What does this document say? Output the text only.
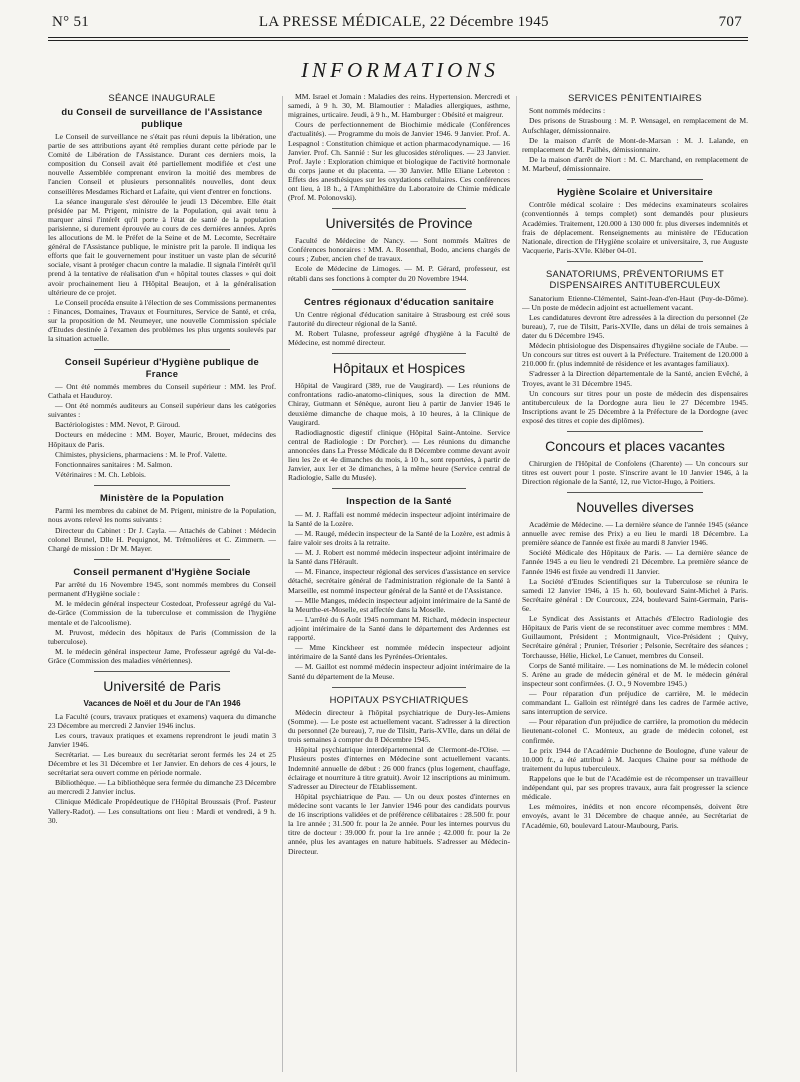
N° 51	LA PRESSE MÉDICALE, 22 Décembre 1945	707
INFORMATIONS
SÉANCE INAUGURALE
du Conseil de surveillance de l'Assistance publique

Le Conseil de surveillance ne s'était pas réuni depuis la libération, une partie de ses attributions ayant été remplies durant cette période par le Comité de Libération de l'Assistance. Durant ces derniers mois, la composition du Conseil avait été partiellement modifiée et c'est une nouvelle Assemblée comprenant environ la moitié des membres de l'ancien Conseil et plusieurs personnalités nouvelles, dont deux conseillères Mesdames Richard et Lafaite, qui vient d'entrer en fonctions.

La séance inaugurale s'est déroulée le jeudi 13 Décembre. Elle était présidée par M. Prigent, ministre de la Population, qui avait tenu à marquer ainsi l'intérêt qu'il porte à l'état de santé de la population parisienne, si durement éprouvée au cours de ces dernières années. Après les allocutions de M. le Préfet de la Seine et de M. Lecomte, Secrétaire général de l'Assistance publique, le ministre prit la parole. Il indiqua les efforts que fait le gouvernement pour instituer un vaste plan de sécurité sociale, visant à protéger chacun contre la maladie. Il signala l'intérêt qu'il prend à la tentative de réalisation d'un « hôpital toutes classes » qui doit avoir prochainement lieu à l'Hôpital Beaujon, et à la généralisation ultérieure de ce projet.

Le Conseil procéda ensuite à l'élection de ses Commissions permanentes : Finances, Domaines, Travaux et Fournitures, Service de Santé, et créa, sur la proposition de M. Neumeyer, une nouvelle Commission spéciale d'Etudes destinée à l'examen des problèmes les plus urgents soulevés par la situation actuelle.

Conseil Supérieur d'Hygiène publique de France

— Ont été nommés membres du Conseil supérieur : MM. les Prof. Cathala et Hauduroy.

— Ont été nommés auditeurs au Conseil supérieur dans les catégories suivantes :

Bactériologistes : MM. Nevot, P. Giroud.

Docteurs en médecine : MM. Boyer, Mauric, Brouet, médecins des Hôpitaux de Paris.

Chimistes, physiciens, pharmaciens : M. le Prof. Valette.

Fonctionnaires sanitaires : M. Salmon.

Vétérinaires : M. Ch. Leblois.

Ministère de la Population

Parmi les membres du cabinet de M. Prigent, ministre de la Population, nous avons relevé les noms suivants :

Directeur du Cabinet : Dr J. Cayla. — Attachés de Cabinet : Médecin colonel Brunel, Dlle H. Pequignot, M. Trémolières et C. Zimmern. — Chargé de mission : Dr M. Mayer.

Conseil permanent d'Hygiène Sociale

Par arrêté du 16 Novembre 1945, sont nommés membres du Conseil permanent d'Hygiène sociale :

M. le médecin général inspecteur Costedoat, Professeur agrégé du Val-de-Grâce (Commission de la tuberculose et commission de l'hygiène mentale et de l'alcoolisme).

M. Pruvost, médecin des hôpitaux de Paris (Commission de la tuberculose).

M. le médecin général inspecteur Jame, Professeur agrégé du Val-de-Grâce (Commission des maladies vénériennes).

Université de Paris
Vacances de Noël et du Jour de l'An 1946

La Faculté (cours, travaux pratiques et examens) vaquera du dimanche 23 Décembre au mercredi 2 Janvier 1946 inclus.

Les cours, travaux pratiques et examens reprendront le jeudi matin 3 Janvier 1946.

Secrétariat. — Les bureaux du secrétariat seront fermés les 24 et 25 Décembre et les 31 Décembre et 1er Janvier. En dehors de ces 4 jours, le secrétariat sera ouvert comme en période normale.

Bibliothèque. — La bibliothèque sera fermée du dimanche 23 Décembre au mercredi 2 Janvier inclus.

Clinique Médicale Propédeutique de l'Hôpital Broussais (Prof. Pasteur Vallery-Radot). — Les consultations ont lieu : Mardi et vendredi, à 9 h. 30.

MM. Israel et Jomain : Maladies des reins. Hypertension. Mercredi et samedi, à 9 h. 30, M. Blamoutier : Maladies allergiques, asthme, migraines, urticaire. Jeudi, à 9 h., M. Hamburger : Obésité et maigreur.

Cours de perfectionnement de Biochimie médicale (Conférences d'actualités). — Programme du mois de Janvier 1946. 9 Janvier. Prof. A. Lespagnol : Constitution chimique et action pharmacodynamique. — 16 Janvier. Prof. Ch. Sannié : Sur les glucosides stéroliques. — 23 Janvier. Prof. Jayle : Exploration chimique et biologique de l'activité hormonale du corps jaune et du placenta. — 30 Janvier. Mlle Eliane Lebreton : Effets des anesthésiques sur les oxydations cellulaires. Ces conférences ont lieu, à 18 h., à l'Amphithéâtre du Laboratoire de Chimie médicale (Prof. M. Polonovski).

Universités de Province

Faculté de Médecine de Nancy. — Sont nommés Maîtres de Conférences honoraires : MM. A. Rosenthal, Bodo, anciens chargés de cours ; Zuber, ancien chef de travaux.

Ecole de Médecine de Limoges. — M. P. Gérard, professeur, est rétabli dans ses fonctions à compter du 20 Novembre 1944.

Centres régionaux d'éducation sanitaire

Un Centre régional d'éducation sanitaire à Strasbourg est créé sous l'autorité du directeur régional de la Santé.

M. Robert Tulasne, professeur agrégé d'hygiène à la Faculté de Médecine, est nommé directeur.

Hôpitaux et Hospices

Hôpital de Vaugirard (389, rue de Vaugirard). — Les réunions de confrontations radio-anatomo-cliniques, sous la direction de MM. Chiray, Gutmann et Sénèque, auront lieu à partir de Janvier 1946 le deuxième dimanche de chaque mois, à 10 heures, à la Clinique de Vaugirard.

Radiodiagnostic digestif clinique (Hôpital Saint-Antoine. Service central de Radiologie : Dr Porcher). — Les réunions du dimanche annoncées dans La Presse Médicale du 8 Décembre comme devant avoir lieu les 2e et 4e dimanches du mois, à 10 h., sont reportées, à partir de Janvier, aux 1er et 3e dimanches, à la même heure (Service central de Radiologie, Salle du Musée).

Inspection de la Santé

— M. J. Raffali est nommé médecin inspecteur adjoint intérimaire de la Santé de la Lozère.

— M. Raugé, médecin inspecteur de la Santé de la Lozère, est admis à faire valoir ses droits à la retraite.

— M. J. Robert est nommé médecin inspecteur adjoint intérimaire de la Santé dans l'Hérault.

— M. Finance, inspecteur régional des services d'assistance en service détaché, secrétaire général de l'administration régionale de la Santé à Marseille, est nommé inspecteur général de la Santé et de l'Assistance.

— Mlle Manges, médecin inspecteur adjoint intérimaire de la Santé de la Meurthe-et-Moselle, est affectée dans la Moselle.

— L'arrêté du 6 Août 1945 nommant M. Richard, médecin inspecteur adjoint intérimaire de la Santé dans le département des Ardennes est rapporté.

— Mme Kinckheer est nommée médecin inspecteur adjoint intérimaire de la Santé dans les Pyrénées-Orientales.

— M. Gaillot est nommé médecin inspecteur adjoint intérimaire de la Santé du département de la Meuse.

HOPITAUX PSYCHIATRIQUES

Médecin directeur à l'hôpital psychiatrique de Dury-les-Amiens (Somme). — Le poste est actuellement vacant. S'adresser à la direction du personnel (2e bureau), 7, rue de Tilsitt, Paris-XVIIe, dans un délai de trois semaines à compter du 8 Décembre 1945.

Hôpital psychiatrique interdépartemental de Clermont-de-l'Oise. — Plusieurs postes d'internes en Médecine sont actuellement vacants. Indemnité annuelle de début : 26 000 francs (plus logement, chauffage, éclairage et nourriture à titre gratuit). Avoir 12 inscriptions au minimum. S'adresser au Directeur de l'Etablissement.

Hôpital psychiatrique de Pau. — Un ou deux postes d'internes en médecine sont vacants le 1er Janvier 1946 pour des candidats pourvus de 16 inscriptions validées et de préférence célibataires : 28.500 fr. pour la 1re année ; 31.500 fr. pour la 2e année. Pour les internes pourvus du titre de docteur : 39.000 fr. pour la 1re année ; 42.000 fr. pour la 2e année, plus les avantages en nature habituels. S'adresser au Médecin-Directeur.

SERVICES PÉNITENTIAIRES

Sont nommés médecins :

Des prisons de Strasbourg : M. P. Wensagel, en remplacement de M. Aufschlager, démissionnaire.

De la maison d'arrêt de Mont-de-Marsan : M. J. Lalande, en remplacement de M. Pailhès, démissionnaire.

De la maison d'arrêt de Niort : M. C. Marchand, en remplacement de M. Marbeuf, démissionnaire.

Hygiène Scolaire et Universitaire

Contrôle médical scolaire : Des médecins examinateurs scolaires (conventionnés à temps complet) sont demandés pour plusieurs Académies. Traitement, 120.000 à 130 000 fr. plus diverses indemnités et frais de déplacement. Renseignements au ministère de l'Education Nationale, direction de l'Hygiène scolaire et universitaire, 3, rue Auguste Vacquerie, Paris-XVIe. Kléber 04-01.

SANATORIUMS, PRÉVENTORIUMS ET DISPENSAIRES ANTITUBERCULEUX

Sanatorium Etienne-Clémentel, Saint-Jean-d'en-Haut (Puy-de-Dôme). — Un poste de médecin adjoint est actuellement vacant.

Les candidatures devront être adressées à la direction du personnel (2e bureau), 7, rue de Tilsitt, Paris-XVIIe, dans un délai de trois semaines à dater du 6 Décembre 1945.

Médecin phtisiologue des Dispensaires d'hygiène sociale de l'Aube. — Un concours sur titres est ouvert à la Préfecture. Traitement de 120.000 à 210.000 fr. (plus indemnité de résidence et les avantages familiaux).

S'adresser à la Direction départementale de la Santé, ancien Evêché, à Troyes, avant le 31 Décembre 1945.

Un concours sur titres pour un poste de médecin des dispensaires antituberculeux de la Dordogne aura lieu le 27 Décembre 1945. Inscriptions avant le 25 Décembre à la Préfecture de la Dordogne (avec exposé des titres et copie des diplômes).

Concours et places vacantes

Chirurgien de l'Hôpital de Confolens (Charente) — Un concours sur titres est ouvert pour 1 poste. S'inscrire avant le 10 Janvier 1946, à la Direction régionale de la Santé, 12, rue Victor-Hugo, à Poitiers.

Nouvelles diverses

Académie de Médecine. — La dernière séance de l'année 1945 (séance annuelle avec remise des Prix) a eu lieu le mardi 18 Décembre. La première séance de l'année est fixée au mardi 8 Janvier 1946.

Société Médicale des Hôpitaux de Paris. — La dernière séance de l'année 1945 a eu lieu le vendredi 21 Décembre. La première séance de l'année 1946 est fixée au vendredi 11 Janvier.

La Société d'Etudes Scientifiques sur la Tuberculose se réunira le samedi 12 Janvier 1946, à 15 h. 60, boulevard Saint-Michel à Paris. Secrétaire général : Dr Courcoux, 224, boulevard Saint-Germain, Paris-6e.

Le Syndicat des Assistants et Attachés d'Electro Radiologie des Hôpitaux de Paris vient de se reconstituer avec comme membres : MM. Guillaumont, Président ; Montmignault, Vice-Président ; Quivy, Secrétaire général ; Prunier, Trésorier ; Pelsonie, Secrétaire des séances ; Torchausse, Hélie, Hickel, Le Canuet, membres du Conseil.

Corps de Santé militaire. — Les nominations de M. le médecin colonel S. Arène au grade de médecin général et de M. le médecin général inspecteur sont confirmées. (J. O., 9 Novembre 1945.)

— Pour réparation d'un préjudice de carrière, M. le médecin commandant L. Galloin est réintégré dans les cadres de l'armée active, sans interruption de service.

— Pour réparation d'un préjudice de carrière, la promotion du médecin lieutenant-colonel C. Monteux, au grade de médecin colonel, est confirmée.

Le prix 1944 de l'Académie Duchenne de Boulogne, d'une valeur de 10.000 fr., a été attribué à M. Jacques Chaine pour sa méthode de traitement du lupus tuberculeux.

Rappelons que le but de l'Académie est de récompenser un travailleur indépendant qui, par ses propres travaux, aura fait progresser la science médicale.

Les mémoires, inédits et non encore récompensés, doivent être envoyés, avant le 31 Décembre de chaque année, au Secrétariat de l'Académie, 60, boulevard Latour-Maubourg, Paris.
